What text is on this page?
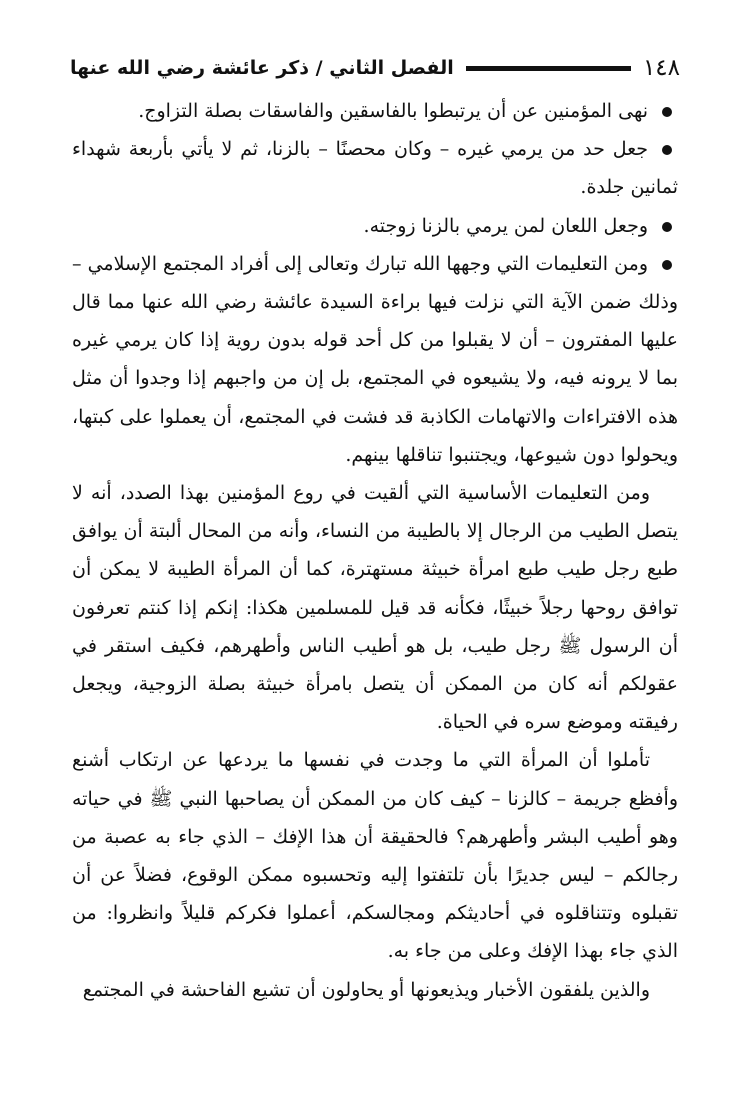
الفصل الثاني / ذكر عائشة رضي الله عنها	١٤٨

نهى المؤمنين عن أن يرتبطوا بالفاسقين والفاسقات بصلة التزاوج.

جعل حد من يرمي غيره – وكان محصنًا – بالزنا، ثم لا يأتي بأربعة شهداء ثمانين جلدة.

وجعل اللعان لمن يرمي بالزنا زوجته.

ومن التعليمات التي وجهها الله تبارك وتعالى إلى أفراد المجتمع الإسلامي – وذلك ضمن الآية التي نزلت فيها براءة السيدة عائشة رضي الله عنها مما قال عليها المفترون – أن لا يقبلوا من كل أحد قوله بدون روية إذا كان يرمي غيره بما لا يرونه فيه، ولا يشيعوه في المجتمع، بل إن من واجبهم إذا وجدوا أن مثل هذه الافتراءات والاتهامات الكاذبة قد فشت في المجتمع، أن يعملوا على كبتها، ويحولوا دون شيوعها، ويجتنبوا تناقلها بينهم.

ومن التعليمات الأساسية التي ألقيت في روع المؤمنين بهذا الصدد، أنه لا يتصل الطيب من الرجال إلا بالطيبة من النساء، وأنه من المحال ألبتة أن يوافق طبع رجل طيب طبع امرأة خبيثة مستهترة، كما أن المرأة الطيبة لا يمكن أن توافق روحها رجلاً خبيثًا، فكأنه قد قيل للمسلمين هكذا: إنكم إذا كنتم تعرفون أن الرسول ﷺ رجل طيب، بل هو أطيب الناس وأطهرهم، فكيف استقر في عقولكم أنه كان من الممكن أن يتصل بامرأة خبيثة بصلة الزوجية، ويجعل رفيقته وموضع سره في الحياة.

تأملوا أن المرأة التي ما وجدت في نفسها ما يردعها عن ارتكاب أشنع وأفظع جريمة – كالزنا – كيف كان من الممكن أن يصاحبها النبي ﷺ في حياته وهو أطيب البشر وأطهرهم؟ فالحقيقة أن هذا الإفك – الذي جاء به عصبة من رجالكم – ليس جديرًا بأن تلتفتوا إليه وتحسبوه ممكن الوقوع، فضلاً عن أن تقبلوه وتتناقلوه في أحاديثكم ومجالسكم، أعملوا فكركم قليلاً وانظروا: من الذي جاء بهذا الإفك وعلى من جاء به.

والذين يلفقون الأخبار ويذيعونها أو يحاولون أن تشيع الفاحشة في المجتمع
